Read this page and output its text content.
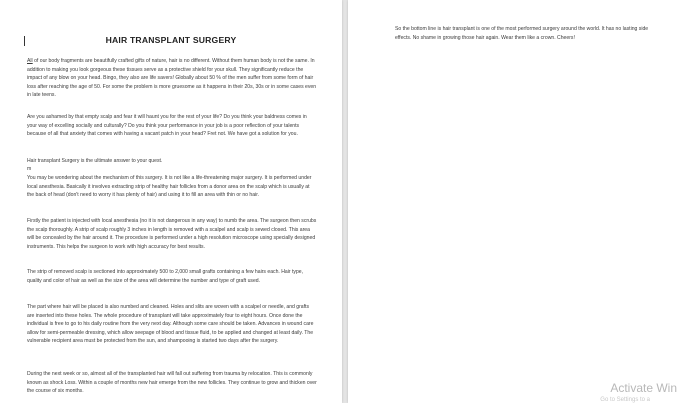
HAIR TRANSPLANT SURGERY

All of our body fragments are beautifully crafted gifts of nature, hair is no different. Without them human body is not the same. In addition to making you look gorgeous these tissues serve as a protective shield for your skull. They significantly reduce the impact of any blow on your head. Bingo, they also are life savers! Globally about 50 % of the men suffer from some form of hair loss after reaching the age of 50. For some the problem is more gruesome as it happens in their 20s, 30s or in some cases even in late teens.

Are you ashamed by that empty scalp and fear it will haunt you for the rest of your life? Do you think your baldness comes in your way of excelling socially and culturally? Do you think your performance in your job is a poor reflection of your talents because of all that anxiety that comes with having a vacant patch in your head? Fret not. We have got a solution for you.

Hair transplant Surgery is the ultimate answer to your quest.

m

You may be wondering about the mechanism of this surgery. It is not like a life-threatening major surgery. It is performed under local anesthesia. Basically it involves extracting strip of healthy hair follicles from a donor area on the scalp which is usually at the back of head (don't need to worry it has plenty of hair) and using it to fill an area with thin or no hair.

Firstly the patient is injected with local anesthesia (no it is not dangerous in any way) to numb the area. The surgeon then scrubs the scalp thoroughly. A strip of scalp roughly 3 inches in length is removed with a scalpel and scalp is sewed closed. This area will be concealed by the hair around it. The procedure is performed under a high resolution microscope using specially designed instruments. This helps the surgeon to work with high accuracy for best results.

The strip of removed scalp is sectioned into approximately 500 to 2,000 small grafts containing a few hairs each. Hair type, quality and color of hair as well as the size of the area will determine the number and type of graft used.

The part where hair will be placed is also numbed and cleaned. Holes and slits are woven with a scalpel or needle, and grafts are inserted into these holes. The whole procedure of transplant will take approximately four to eight hours. Once done the individual is free to go to his daily routine from the very next day. Although some care should be taken. Advances in wound care allow for semi-permeable dressing, which allow seepage of blood and tissue fluid, to be applied and changed at least daily. The vulnerable recipient area must be protected from the sun, and shampooing is started two days after the surgery.

During the next week or so, almost all of the transplanted hair will fall out suffering from trauma by relocation. This is commonly known as shock Loss. Within a couple of months new hair emerge from the new follicles. They continue to grow and thicken over the course of six months.

So the bottom line is hair transplant is one of the most performed surgery around the world. It has no lasting side effects. No shame in growing those hair again. Wear them like a crown. Cheers!

Activate Win
Go to Settings to a
